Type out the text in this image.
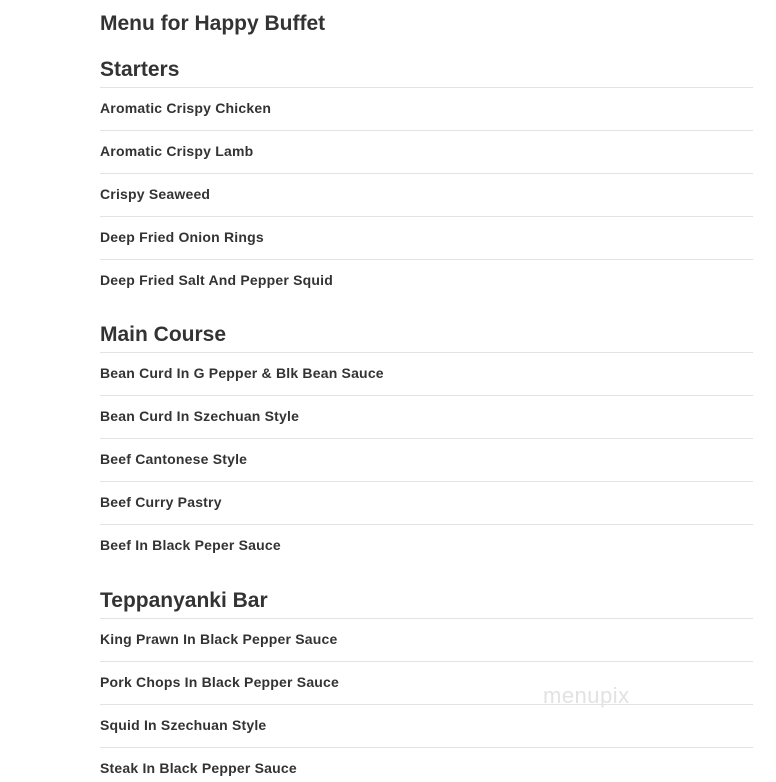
Menu for Happy Buffet
Starters
Aromatic Crispy Chicken
Aromatic Crispy Lamb
Crispy Seaweed
Deep Fried Onion Rings
Deep Fried Salt And Pepper Squid
Main Course
Bean Curd In G Pepper & Blk Bean Sauce
Bean Curd In Szechuan Style
Beef Cantonese Style
Beef Curry Pastry
Beef In Black Peper Sauce
Teppanyanki Bar
King Prawn In Black Pepper Sauce
Pork Chops In Black Pepper Sauce
Squid In Szechuan Style
Steak In Black Pepper Sauce
menupix
